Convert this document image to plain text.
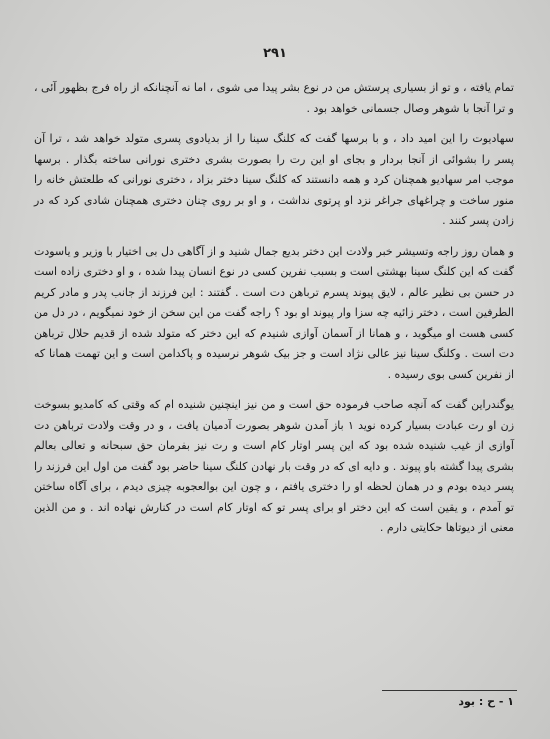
۲۹۱

تمام یافته ، و تو از بسیاری پرستش من در نوع بشر پیدا می شوی ، اما نه آنچنانکه از راه فرج بظهور آئی ، و ترا آنجا با شوهر وصال جسمانی خواهد بود .

سهادیوت را این امید داد ، و با برسها گفت که کلنگ سینا را از بدیادوی پسری متولد خواهد شد ، ترا آن پسر را بشوائی از آنجا بردار و بجای او این رت را بصورت بشری دختری نورانی ساخته بگذار . برسها موجب امر سهادیو همچنان کرد و همه دانستند که کلنگ سینا دختر بزاد ، دختری نورانی که طلعتش خانه را منور ساخت و چراغهای جراغر نزد او پرتوی نداشت ، و او بر روی چنان دختری همچنان شادی کرد که در زادن پسر کنند .

و همان روز راجه وتسیشر خبر ولادت این دختر بدیع جمال شنید و از آگاهی دل بی اختیار با وزیر و یاسودت گفت که این کلنگ سینا بهشتی است و بسبب نفرین کسی در نوع انسان پیدا شده ، و او دختری زاده است در حسن بی نظیر عالم ، لایق پیوند پسرم ترباهن دت است . گفتند : این فرزند از جانب پدر و مادر کریم الطرفین است ، دختر زائیه چه سزا وار پیوند او بود ؟ راجه گفت من این سخن از خود نمیگویم ، در دل من کسی هست او میگوید ، و همانا از آسمان آوازی شنیدم که این دختر که متولد شده از قدیم حلال ترباهن دت است . وکلنگ سینا نیز عالی نژاد است و جز بیک شوهر نرسیده و پاکدامن است و این تهمت همانا که از نفرین کسی بوی رسیده .

یوگندراین گفت که آنچه صاحب فرموده حق است و من نیز اینچنین شنیده ام که وقتی که کامدیو بسوخت زن او رت عبادت بسیار کرده نوید ۱ باز آمدن شوهر بصورت آدمیان یافت ، و در وقت ولادت ترباهن دت آوازی از غیب شنیده شده بود که این پسر اوتار کام است و رت نیز بفرمان حق سبحانه و تعالی بعالم بشری پیدا گشته باو پیوند . و دایه ای که در وقت بار نهادن کلنگ سینا حاضر بود گفت من اول این فرزند را پسر دیده بودم و در همان لحظه او را دختری یافتم ، و چون این بوالعجوبه چیزی دیدم ، برای آگاه ساختن تو آمدم ، و یقین است که این دختر او برای پسر تو که اوتار کام است در کنارش نهاده اند . و من الذین معنی از دیوتاها حکایتی دارم .

۱ - ح : بود
